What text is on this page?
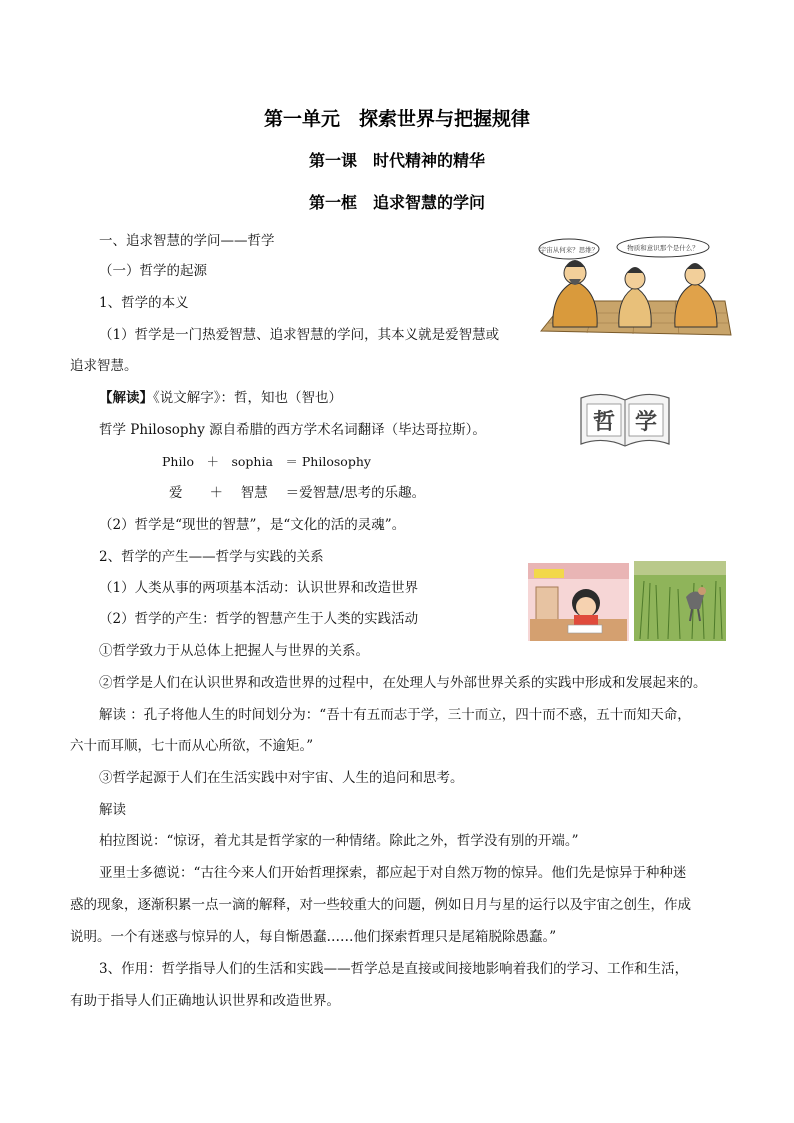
第一单元　探索世界与把握规律
第一课　时代精神的精华
第一框　追求智慧的学问
一、追求智慧的学问——哲学
（一）哲学的起源
1、哲学的本义
（1）哲学是一门热爱智慧、追求智慧的学问，其本义就是爱智慧或
追求智慧。
【解读】《说文解字》：哲，知也（智也）
哲学 Philosophy 源自希腊的西方学术名词翻译（毕达哥拉斯）。
Philo　＋　sophia　＝ Philosophy
爱　　＋　 智慧　 ＝爱智慧/思考的乐趣。
（2）哲学是“现世的智慧”，是“文化的活的灵魂”。
2、哲学的产生——哲学与实践的关系
（1）人类从事的两项基本活动：认识世界和改造世界
（2）哲学的产生：哲学的智慧产生于人类的实践活动
①哲学致力于从总体上把握人与世界的关系。
②哲学是人们在认识世界和改造世界的过程中，在处理人与外部世界关系的实践中形成和发展起来的。
解读 ：孔子将他人生的时间划分为：“吾十有五而志于学，三十而立，四十而不惑，五十而知天命，
六十而耳顺，七十而从心所欲，不逾矩。”
③哲学起源于人们在生活实践中对宇宙、人生的追问和思考。
解读
柏拉图说：“惊讶，着尤其是哲学家的一种情绪。除此之外，哲学没有别的开端。”
亚里士多德说：“古往今来人们开始哲理探索，都应起于对自然万物的惊异。他们先是惊异于种种迷
惑的现象，逐渐积累一点一滴的解释，对一些较重大的问题，例如日月与星的运行以及宇宙之创生，作成
说明。一个有迷惑与惊异的人，每自惭愚蠢……他们探索哲理只是尾箱脱除愚蠢。”
3、作用：哲学指导人们的生活和实践——哲学总是直接或间接地影响着我们的学习、工作和生活，
有助于指导人们正确地认识世界和改造世界。
宇宙从何来？思维？	物质和意识那个是什么？
哲 学
